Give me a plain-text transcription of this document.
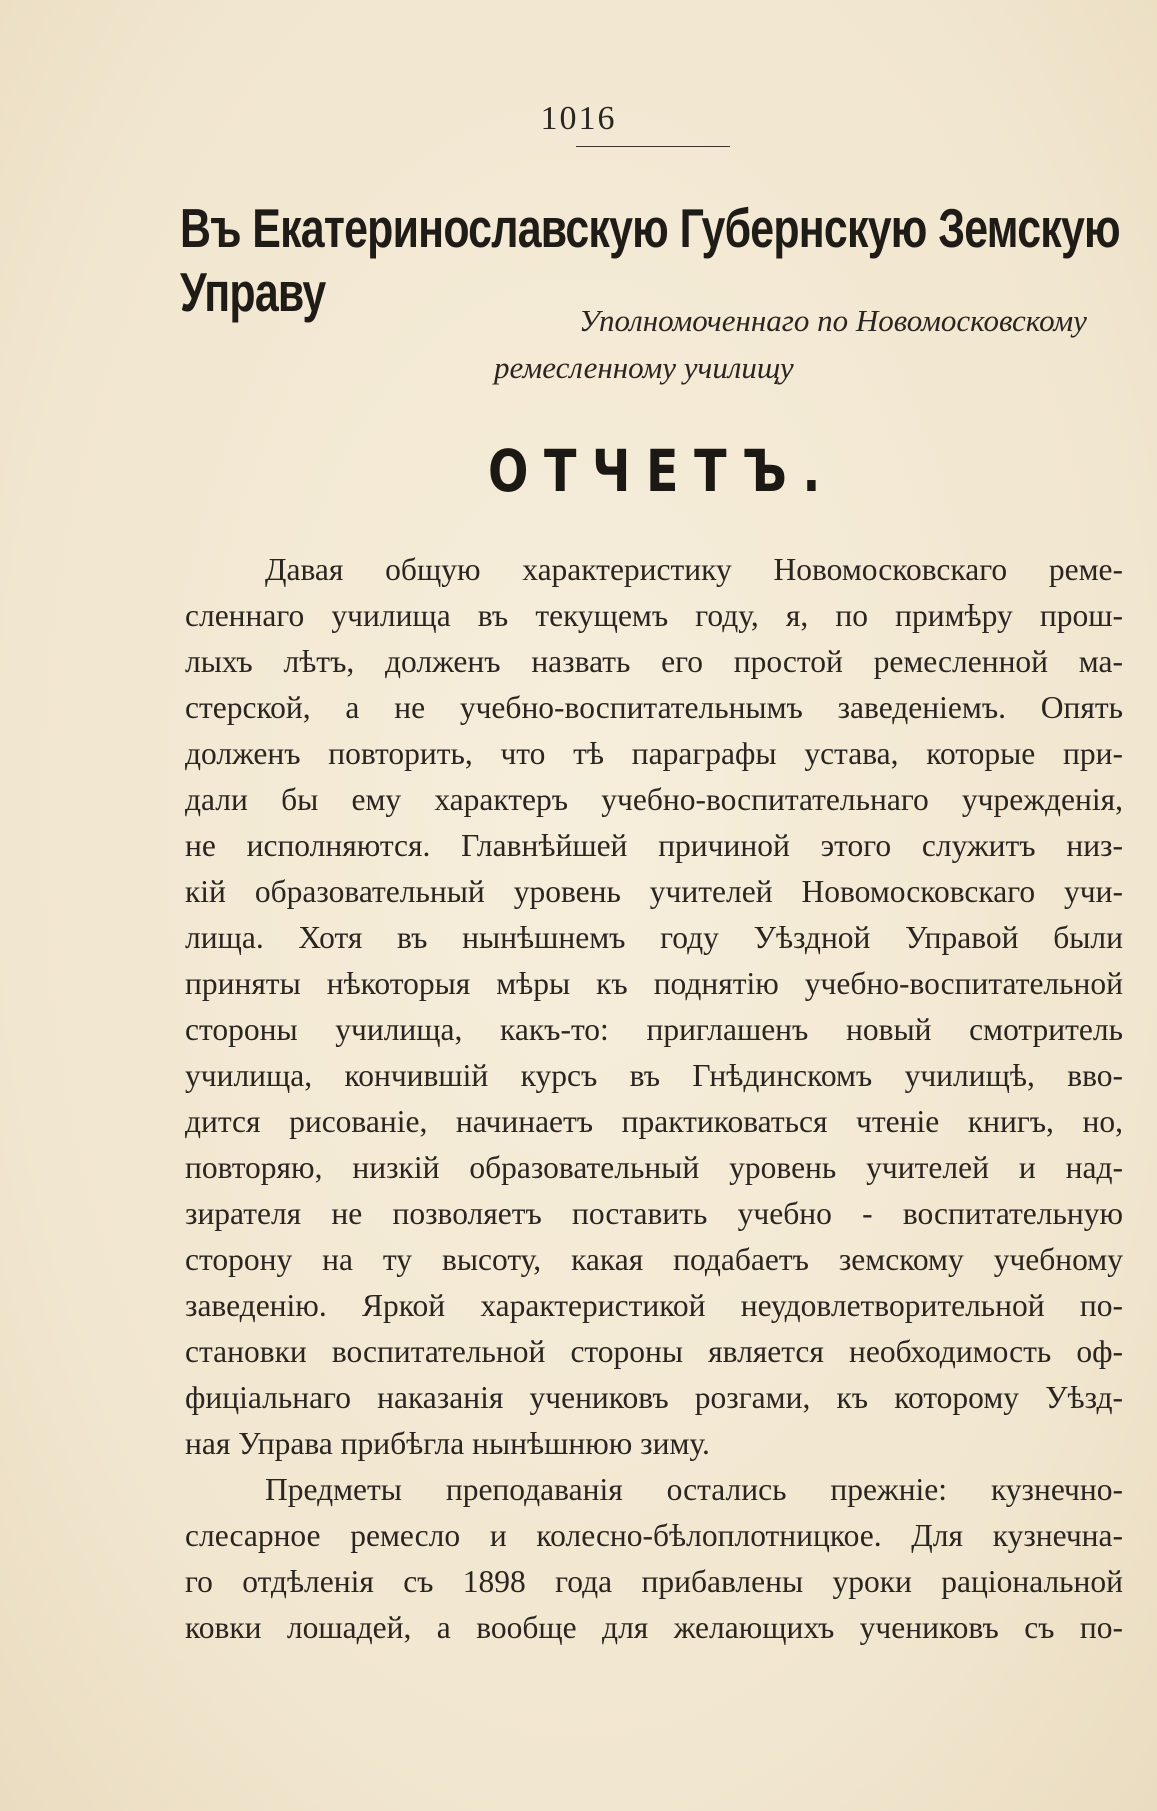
1016
Въ Екатеринославскую Губернскую Земскую Управу	Уполномоченнаго по Новомосковскому
ремесленному училищу
ОТЧЕТЪ.
Давая общую характеристику Новомосковскаго реме-
сленнаго училища въ текущемъ году, я, по примѣру прош-
лыхъ лѣтъ, долженъ назвать его простой ремесленной ма-
стерской, а не учебно-воспитательнымъ заведеніемъ. Опять
долженъ повторить, что тѣ параграфы устава, которые при-
дали бы ему характеръ учебно-воспитательнаго учрежденія,
не исполняются. Главнѣйшей причиной этого служитъ низ-
кій образовательный уровень учителей Новомосковскаго учи-
лища. Хотя въ нынѣшнемъ году Уѣздной Управой были
приняты нѣкоторыя мѣры къ поднятію учебно-воспитательной
стороны училища, какъ-то: приглашенъ новый смотритель
училища, кончившій курсъ въ Гнѣдинскомъ училищѣ, вво-
дится рисованіе, начинаетъ практиковаться чтеніе книгъ, но,
повторяю, низкій образовательный уровень учителей и над-
зирателя не позволяетъ поставить учебно - воспитательную
сторону на ту высоту, какая подабаетъ земскому учебному
заведенію. Яркой характеристикой неудовлетворительной по-
становки воспитательной стороны является необходимость оф-
фиціальнаго наказанія учениковъ розгами, къ которому Уѣзд-
ная Управа прибѣгла нынѣшнюю зиму.
Предметы преподаванія остались прежніе: кузнечно-
слесарное ремесло и колесно-бѣлоплотницкое. Для кузнечна-
го отдѣленія съ 1898 года прибавлены уроки раціональной
ковки лошадей, а вообще для желающихъ учениковъ съ по-
